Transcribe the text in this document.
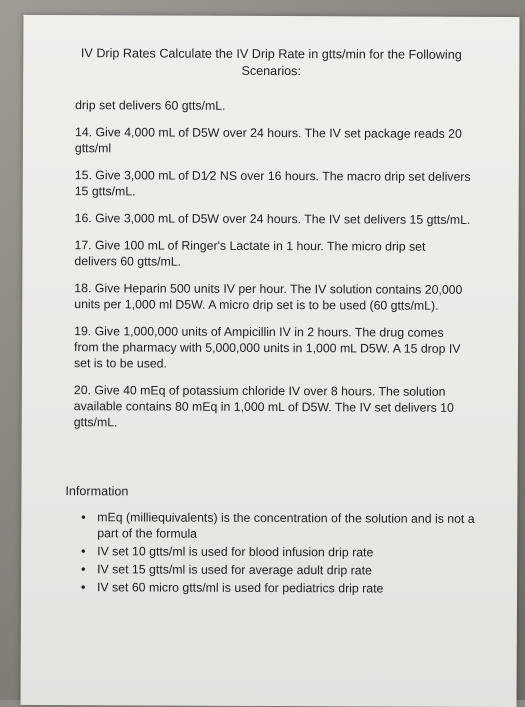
IV Drip Rates Calculate the IV Drip Rate in gtts/min for the Following Scenarios:

drip set delivers 60 gtts/mL.

14. Give 4,000 mL of D5W over 24 hours. The IV set package reads 20 gtts/ml

15. Give 3,000 mL of D1⁄2 NS over 16 hours. The macro drip set delivers 15 gtts/mL.

16. Give 3,000 mL of D5W over 24 hours. The IV set delivers 15 gtts/mL.

17. Give 100 mL of Ringer's Lactate in 1 hour. The micro drip set delivers 60 gtts/mL.

18. Give Heparin 500 units IV per hour. The IV solution contains 20,000 units per 1,000 ml D5W. A micro drip set is to be used (60 gtts/mL).

19. Give 1,000,000 units of Ampicillin IV in 2 hours. The drug comes from the pharmacy with 5,000,000 units in 1,000 mL D5W. A 15 drop IV set is to be used.

20. Give 40 mEq of potassium chloride IV over 8 hours. The solution available contains 80 mEq in 1,000 mL of D5W. The IV set delivers 10 gtts/mL.

Information
• mEq (milliequivalents) is the concentration of the solution and is not a part of the formula
• IV set 10 gtts/ml is used for blood infusion drip rate
• IV set 15 gtts/ml is used for average adult drip rate
• IV set 60 micro gtts/ml is used for pediatrics drip rate
